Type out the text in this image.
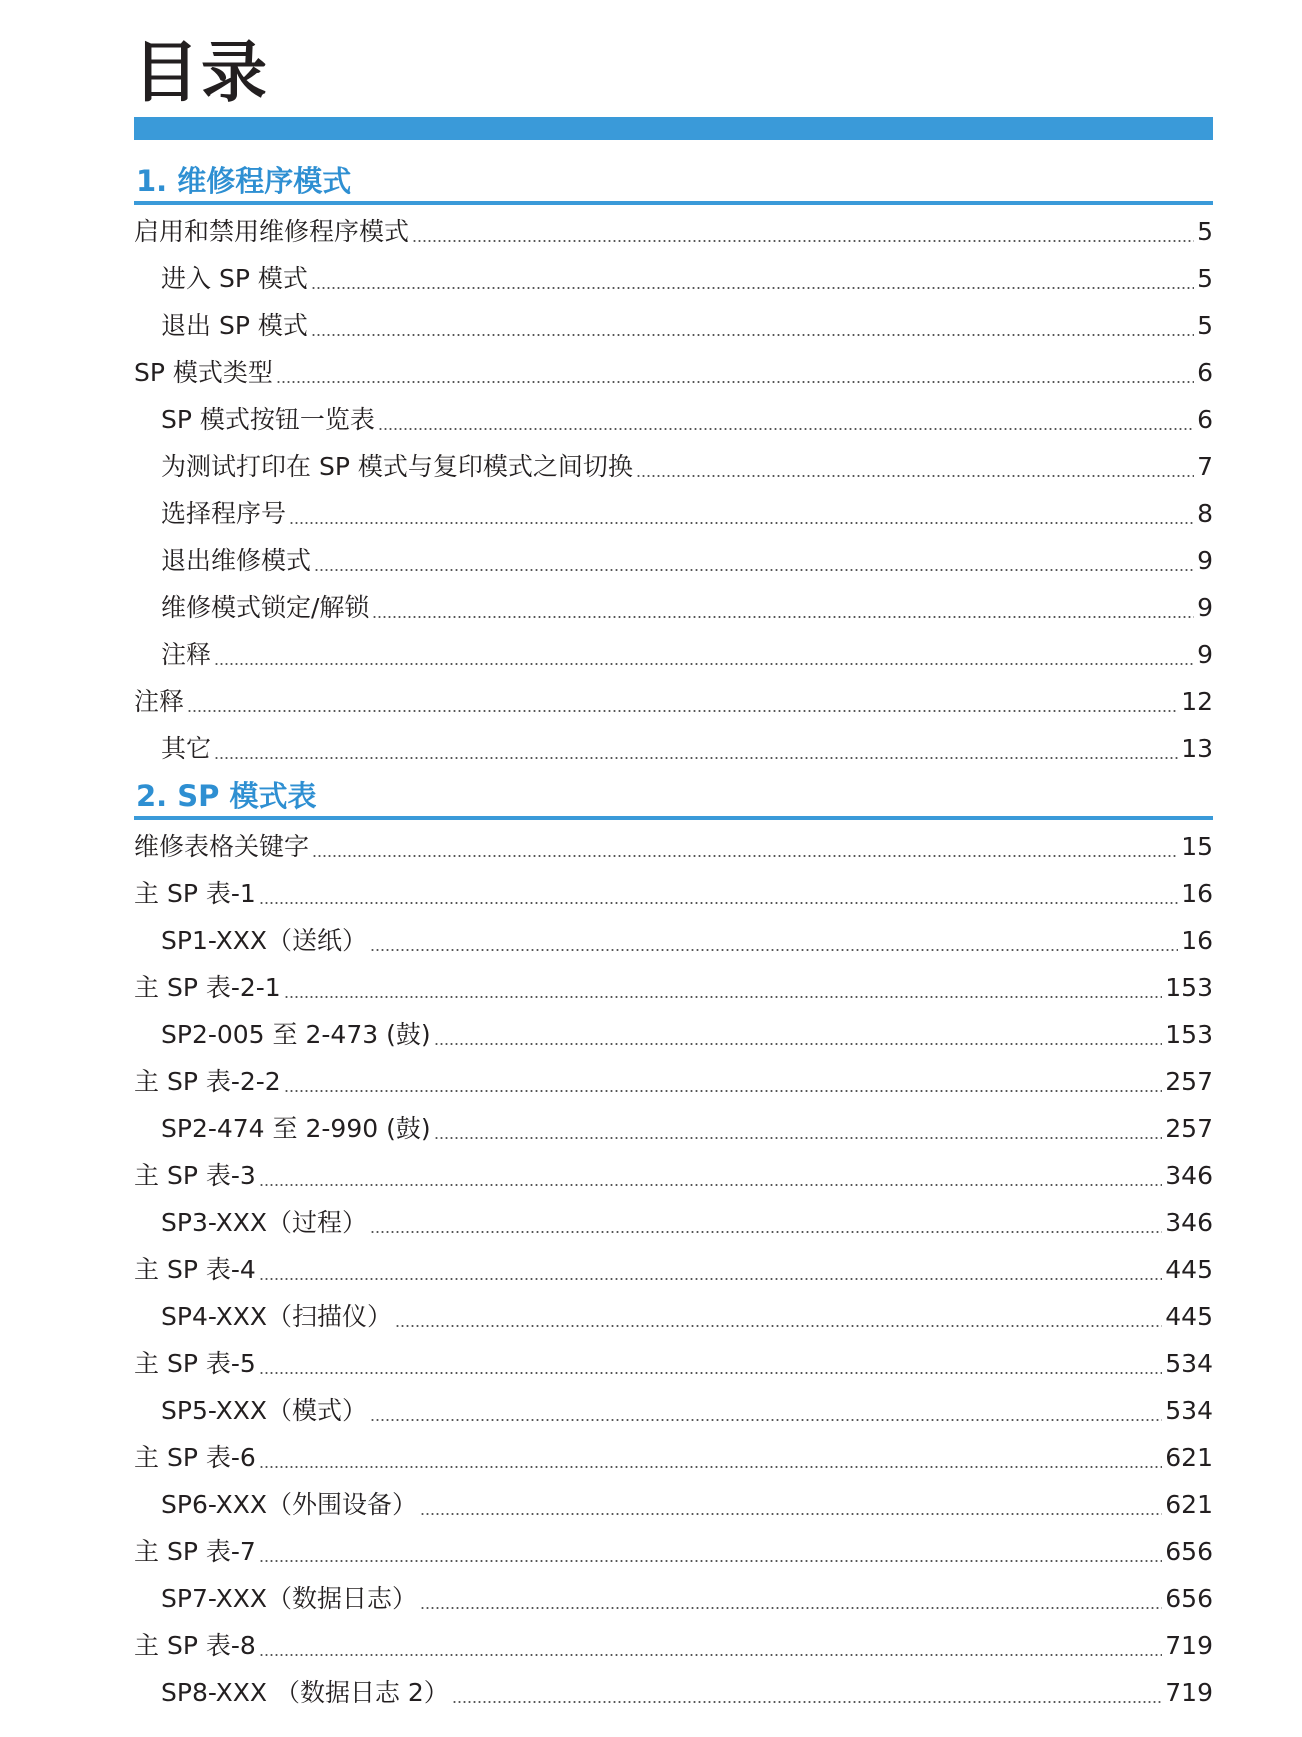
目录
1. 维修程序模式
启用和禁用维修程序模式	5
进入 SP 模式	5
退出 SP 模式	5
SP 模式类型	6
SP 模式按钮一览表	6
为测试打印在 SP 模式与复印模式之间切换	7
选择程序号	8
退出维修模式	9
维修模式锁定/解锁	9
注释	9
注释	12
其它	13
2. SP 模式表
维修表格关键字	15
主 SP 表-1	16
SP1-XXX（送纸）	16
主 SP 表-2-1	153
SP2-005 至 2-473 (鼓)	153
主 SP 表-2-2	257
SP2-474 至 2-990 (鼓)	257
主 SP 表-3	346
SP3-XXX（过程）	346
主 SP 表-4	445
SP4-XXX（扫描仪）	445
主 SP 表-5	534
SP5-XXX（模式）	534
主 SP 表-6	621
SP6-XXX（外围设备）	621
主 SP 表-7	656
SP7-XXX（数据日志）	656
主 SP 表-8	719
SP8-XXX （数据日志 2）	719
